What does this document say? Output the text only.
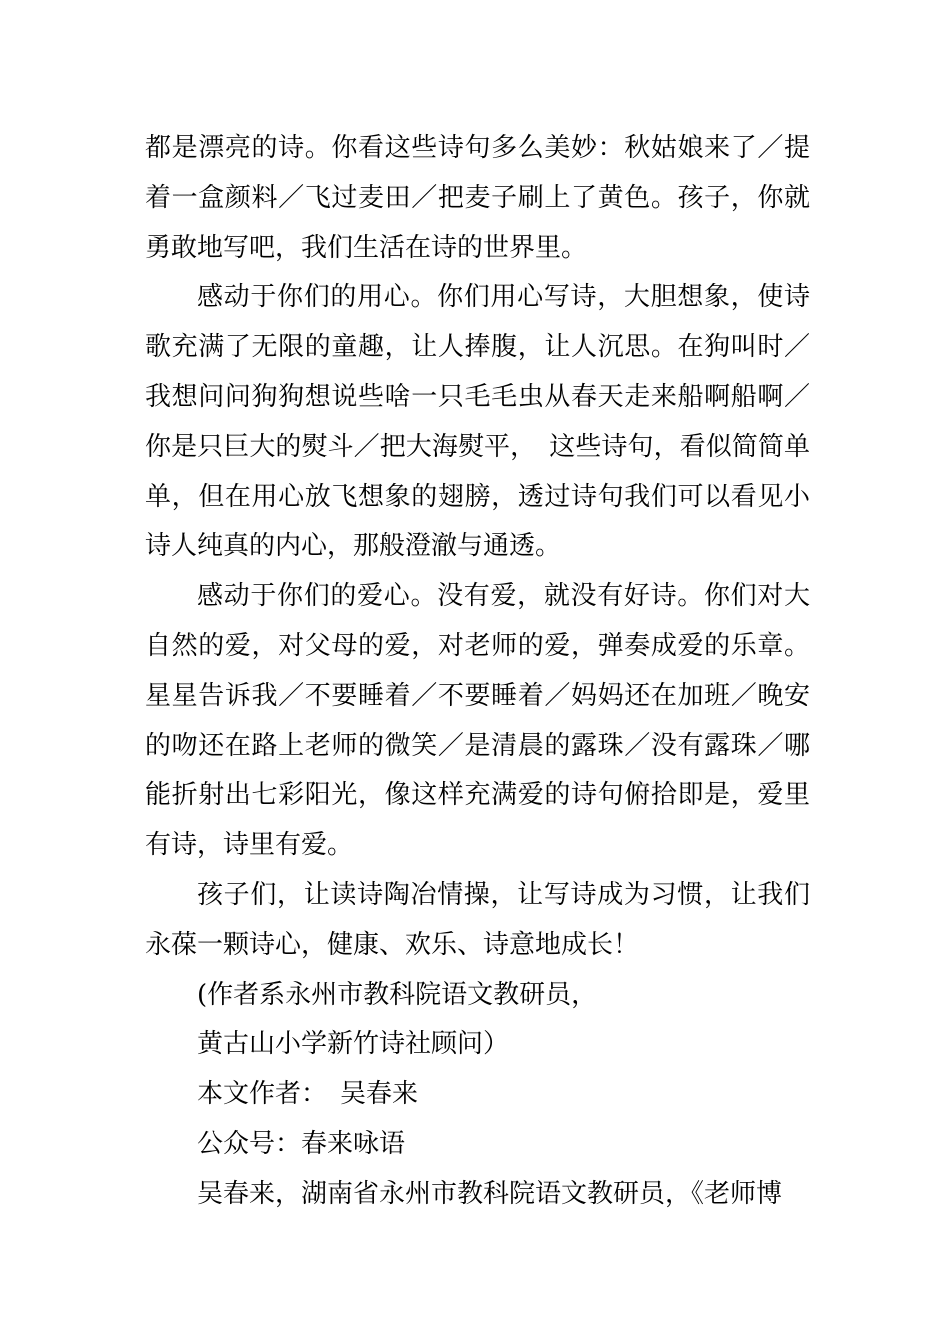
都是漂亮的诗。你看这些诗句多么美妙：秋姑娘来了／提着一盒颜料／飞过麦田／把麦子刷上了黄色。孩子，你就勇敢地写吧，我们生活在诗的世界里。

感动于你们的用心。你们用心写诗，大胆想象，使诗歌充满了无限的童趣，让人捧腹，让人沉思。在狗叫时／我想问问狗狗想说些啥一只毛毛虫从春天走来船啊船啊／你是只巨大的熨斗／把大海熨平，　这些诗句，看似简简单单，但在用心放飞想象的翅膀，透过诗句我们可以看见小诗人纯真的内心，那般澄澈与通透。

感动于你们的爱心。没有爱，就没有好诗。你们对大自然的爱，对父母的爱，对老师的爱，弹奏成爱的乐章。星星告诉我／不要睡着／不要睡着／妈妈还在加班／晚安的吻还在路上老师的微笑／是清晨的露珠／没有露珠／哪能折射出七彩阳光，像这样充满爱的诗句俯拾即是，爱里有诗，诗里有爱。

孩子们，让读诗陶冶情操，让写诗成为习惯，让我们永葆一颗诗心，健康、欢乐、诗意地成长！

(作者系永州市教科院语文教研员，

黄古山小学新竹诗社顾问）

本文作者：　吴春来

公众号：春来咏语

吴春来，湖南省永州市教科院语文教研员，《老师博
